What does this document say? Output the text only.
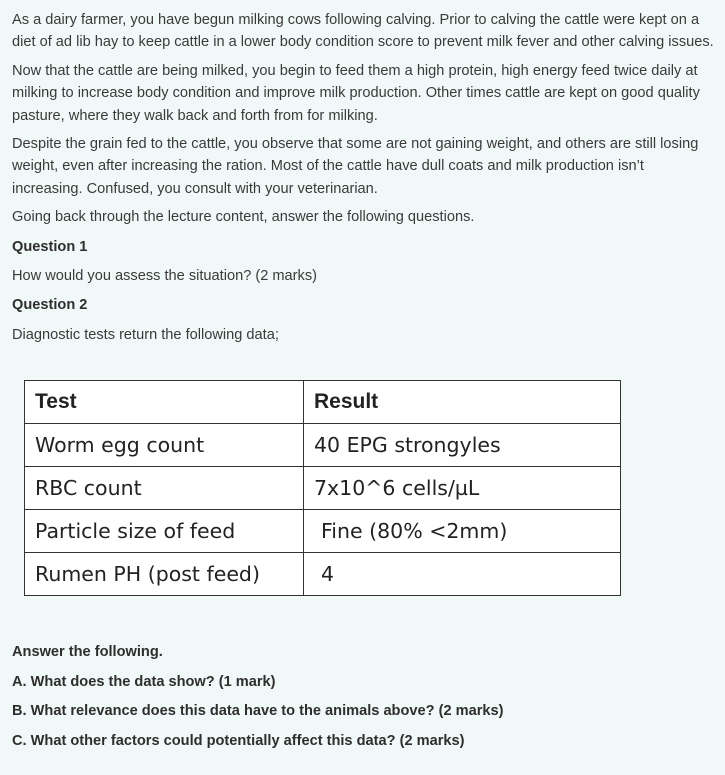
As a dairy farmer, you have begun milking cows following calving. Prior to calving the cattle were kept on a diet of ad lib hay to keep cattle in a lower body condition score to prevent milk fever and other calving issues.

Now that the cattle are being milked, you begin to feed them a high protein, high energy feed twice daily at milking to increase body condition and improve milk production. Other times cattle are kept on good quality pasture, where they walk back and forth from for milking.

Despite the grain fed to the cattle, you observe that some are not gaining weight, and others are still losing weight, even after increasing the ration. Most of the cattle have dull coats and milk production isn’t increasing. Confused, you consult with your veterinarian.

Going back through the lecture content, answer the following questions.

Question 1

How would you assess the situation? (2 marks)

Question 2

Diagnostic tests return the following data;

Test	Result
Worm egg count	40 EPG strongyles
RBC count	7x10^6 cells/µL
Particle size of feed	Fine (80% <2mm)
Rumen PH (post feed)	4

Answer the following.

A. What does the data show? (1 mark)

B. What relevance does this data have to the animals above? (2 marks)

C. What other factors could potentially affect this data? (2 marks)
